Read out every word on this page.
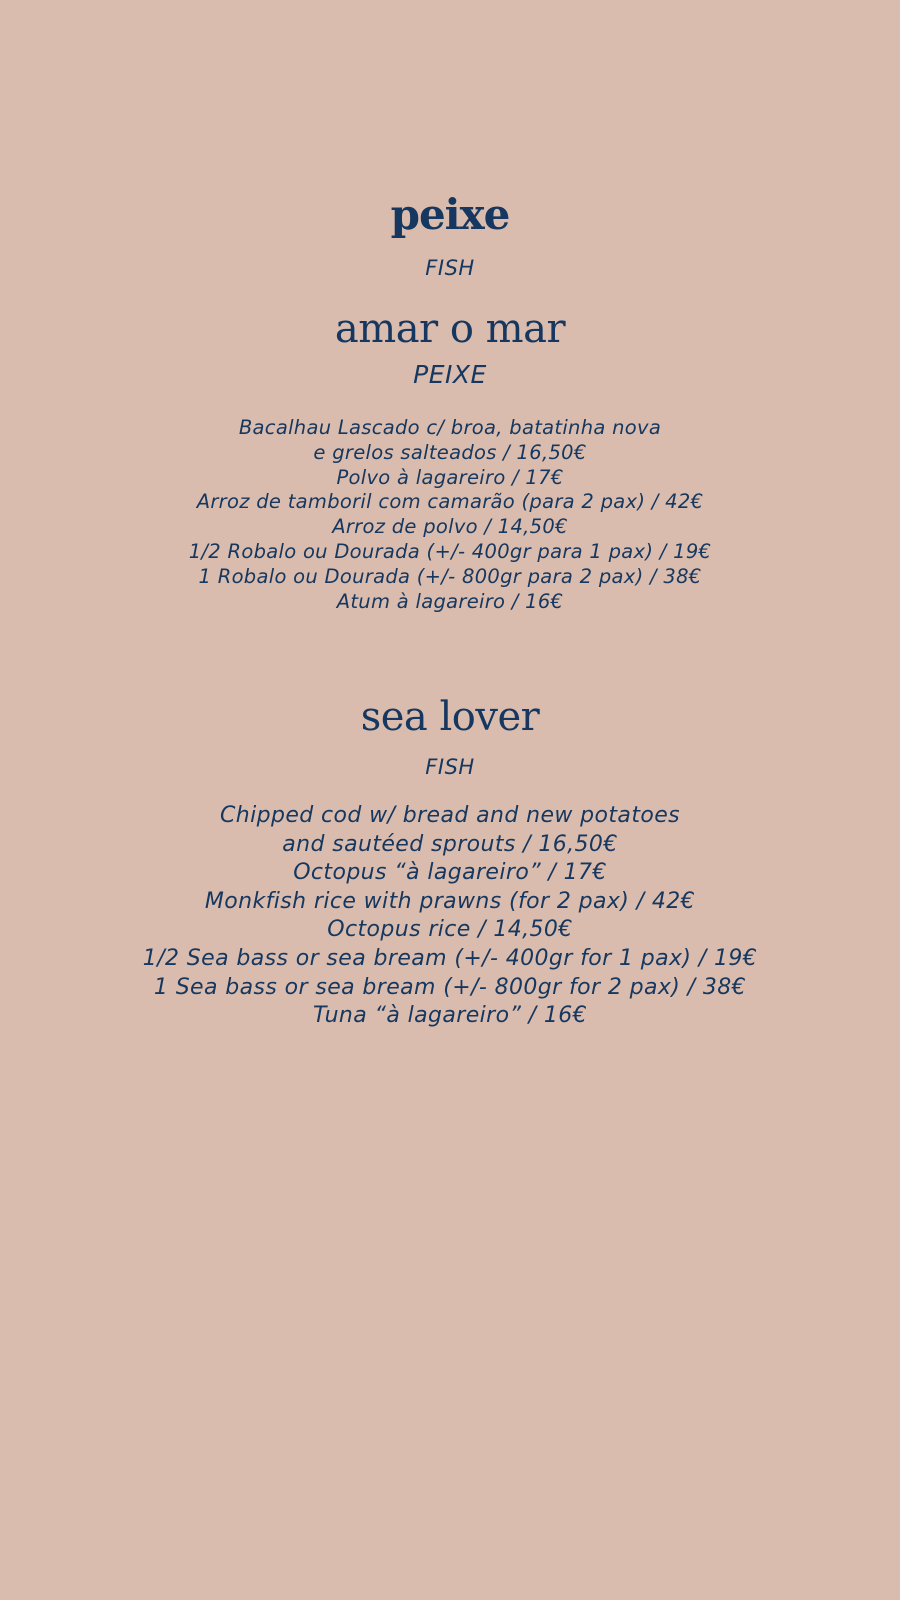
peixe
FISH
amar o mar
PEIXE
Bacalhau Lascado c/ broa, batatinha nova
e grelos salteados / 16,50€
Polvo à lagareiro / 17€
Arroz de tamboril com camarão (para 2 pax) / 42€
Arroz de polvo / 14,50€
1/2 Robalo ou Dourada (+/- 400gr para 1 pax) / 19€
1 Robalo ou Dourada (+/- 800gr para 2 pax) / 38€
Atum à lagareiro / 16€
sea lover
FISH
Chipped cod w/ bread and new potatoes
and sautéed sprouts / 16,50€
Octopus “à lagareiro” / 17€
Monkfish rice with prawns (for 2 pax) / 42€
Octopus rice / 14,50€
1/2 Sea bass or sea bream (+/- 400gr for 1 pax) / 19€
1 Sea bass or sea bream (+/- 800gr for 2 pax) / 38€
Tuna “à lagareiro” / 16€
